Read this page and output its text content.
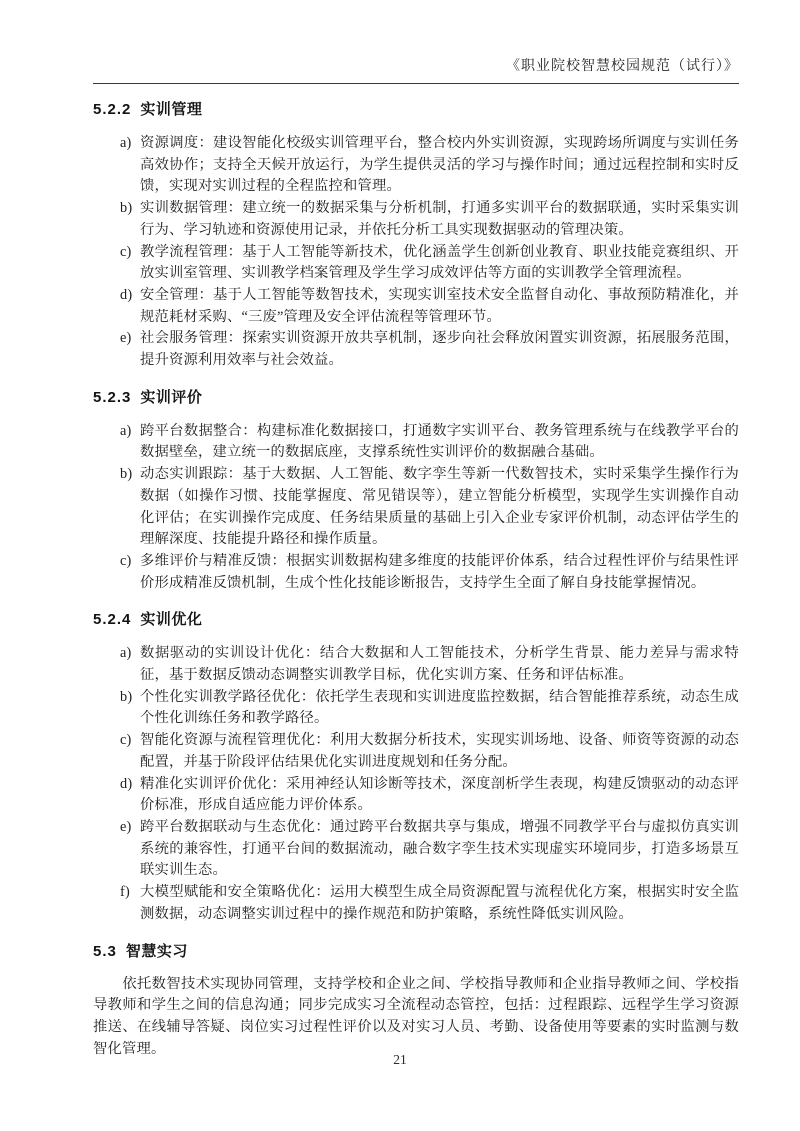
《职业院校智慧校园规范（试行）》
5.2.2 实训管理
a) 资源调度：建设智能化校级实训管理平台，整合校内外实训资源，实现跨场所调度与实训任务高效协作；支持全天候开放运行，为学生提供灵活的学习与操作时间；通过远程控制和实时反馈，实现对实训过程的全程监控和管理。
b) 实训数据管理：建立统一的数据采集与分析机制，打通多实训平台的数据联通，实时采集实训行为、学习轨迹和资源使用记录，并依托分析工具实现数据驱动的管理决策。
c) 教学流程管理：基于人工智能等新技术，优化涵盖学生创新创业教育、职业技能竞赛组织、开放实训室管理、实训教学档案管理及学生学习成效评估等方面的实训教学全管理流程。
d) 安全管理：基于人工智能等数智技术，实现实训室技术安全监督自动化、事故预防精准化，并规范耗材采购、“三废”管理及安全评估流程等管理环节。
e) 社会服务管理：探索实训资源开放共享机制，逐步向社会释放闲置实训资源，拓展服务范围，提升资源利用效率与社会效益。
5.2.3 实训评价
a) 跨平台数据整合：构建标准化数据接口，打通数字实训平台、教务管理系统与在线教学平台的数据壁垒，建立统一的数据底座，支撑系统性实训评价的数据融合基础。
b) 动态实训跟踪：基于大数据、人工智能、数字孪生等新一代数智技术，实时采集学生操作行为数据（如操作习惯、技能掌握度、常见错误等），建立智能分析模型，实现学生实训操作自动化评估；在实训操作完成度、任务结果质量的基础上引入企业专家评价机制，动态评估学生的理解深度、技能提升路径和操作质量。
c) 多维评价与精准反馈：根据实训数据构建多维度的技能评价体系，结合过程性评价与结果性评价形成精准反馈机制，生成个性化技能诊断报告，支持学生全面了解自身技能掌握情况。
5.2.4 实训优化
a) 数据驱动的实训设计优化：结合大数据和人工智能技术，分析学生背景、能力差异与需求特征，基于数据反馈动态调整实训教学目标，优化实训方案、任务和评估标准。
b) 个性化实训教学路径优化：依托学生表现和实训进度监控数据，结合智能推荐系统，动态生成个性化训练任务和教学路径。
c) 智能化资源与流程管理优化：利用大数据分析技术，实现实训场地、设备、师资等资源的动态配置，并基于阶段评估结果优化实训进度规划和任务分配。
d) 精准化实训评价优化：采用神经认知诊断等技术，深度剖析学生表现，构建反馈驱动的动态评价标准，形成自适应能力评价体系。
e) 跨平台数据联动与生态优化：通过跨平台数据共享与集成，增强不同教学平台与虚拟仿真实训系统的兼容性，打通平台间的数据流动，融合数字孪生技术实现虚实环境同步，打造多场景互联实训生态。
f) 大模型赋能和安全策略优化：运用大模型生成全局资源配置与流程优化方案，根据实时安全监测数据，动态调整实训过程中的操作规范和防护策略，系统性降低实训风险。
5.3 智慧实习

依托数智技术实现协同管理，支持学校和企业之间、学校指导教师和企业指导教师之间、学校指导教师和学生之间的信息沟通；同步完成实习全流程动态管控，包括：过程跟踪、远程学生学习资源推送、在线辅导答疑、岗位实习过程性评价以及对实习人员、考勤、设备使用等要素的实时监测与数智化管理。

21
